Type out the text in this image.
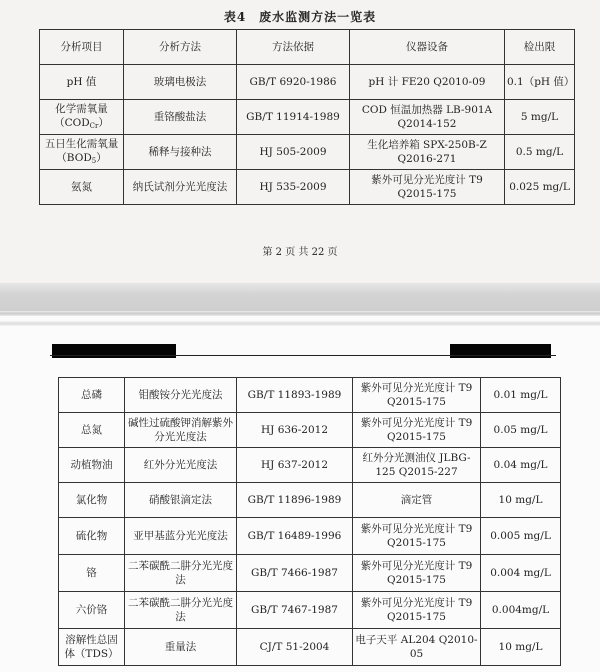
表4　废水监测方法一览表
分析项目	分析方法	方法依据	仪器设备	检出限
pH 值	玻璃电极法	GB/T 6920-1986	pH 计 FE20 Q2010-09	0.1（pH 值）
化学需氧量
$(COD_{Cr})$	重铬酸盐法	GB/T 11914-1989	COD 恒温加热器 LB-901A Q2014-152	5 mg/L
五日生化需氧量
$(BOD_5)$	稀释与接种法	HJ 505-2009	生化培养箱 SPX-250B-Z Q2016-271	0.5 mg/L
氨氮	纳氏试剂分光光度法	HJ 535-2009	紫外可见分光光度计 T9 Q2015-175	0.025 mg/L
第 2 页 共 22 页
总磷	钼酸铵分光光度法	GB/T 11893-1989	紫外可见分光光度计 T9 Q2015-175	0.01 mg/L
总氮	碱性过硫酸钾消解紫外分光光度法	HJ 636-2012	紫外可见分光光度计 T9 Q2015-175	0.05 mg/L
动植物油	红外分光光度法	HJ 637-2012	红外分光测油仪 JLBG-125 Q2015-227	0.04 mg/L
氯化物	硝酸银滴定法	GB/T 11896-1989	滴定管	10 mg/L
硫化物	亚甲基蓝分光光度法	GB/T 16489-1996	紫外可见分光光度计 T9 Q2015-175	0.005 mg/L
铬	二苯碳酰二肼分光光度法	GB/T 7466-1987	紫外可见分光光度计 T9 Q2015-175	0.004 mg/L
六价铬	二苯碳酰二肼分光光度法	GB/T 7467-1987	紫外可见分光光度计 T9 Q2015-175	0.004mg/L
溶解性总固体（TDS）	重量法	CJ/T 51-2004	电子天平 AL204 Q2010-05	10 mg/L
